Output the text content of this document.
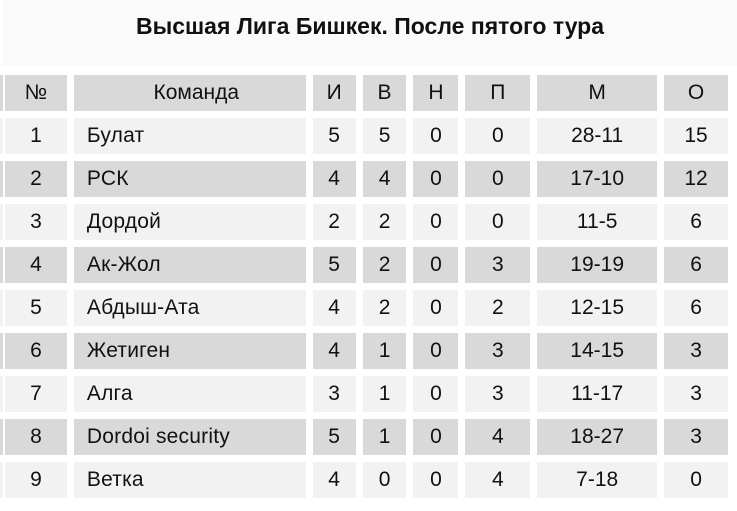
Высшая Лига Бишкек. После пятого тура
№	Команда	И	В	Н	П	М	О
1	Булат	5	5	0	0	28-11	15
2	РСК	4	4	0	0	17-10	12
3	Дордой	2	2	0	0	11-5	6
4	Ак-Жол	5	2	0	3	19-19	6
5	Абдыш-Ата	4	2	0	2	12-15	6
6	Жетиген	4	1	0	3	14-15	3
7	Алга	3	1	0	3	11-17	3
8	Dordoi security	5	1	0	4	18-27	3
9	Ветка	4	0	0	4	7-18	0
